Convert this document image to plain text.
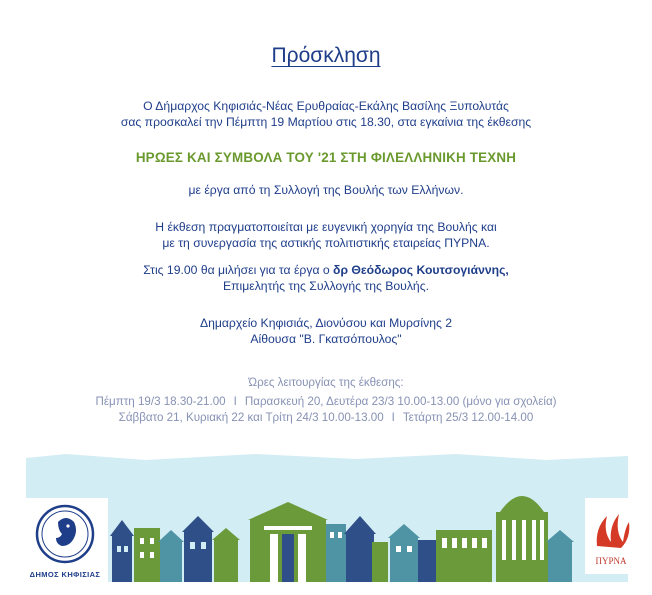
Πρόσκληση
Ο Δήμαρχος Κηφισιάς-Νέας Ερυθραίας-Εκάλης Βασίλης Ξυπολυτάς
σας προσκαλεί την Πέμπτη 19 Μαρτίου στις 18.30, στα εγκαίνια της έκθεσης
ΗΡΩΕΣ ΚΑΙ ΣΥΜΒΟΛΑ ΤΟΥ '21 ΣΤΗ ΦΙΛΕΛΛΗΝΙΚΗ ΤΕΧΝΗ
με έργα από τη Συλλογή της Βουλής των Ελλήνων.
Η έκθεση πραγματοποιείται με ευγενική χορηγία της Βουλής και
με τη συνεργασία της αστικής πολιτιστικής εταιρείας ΠΥΡΝΑ.
Στις 19.00 θα μιλήσει για τα έργα ο δρ Θεόδωρος Κουτσογιάννης,
Επιμελητής της Συλλογής της Βουλής.
Δημαρχείο Κηφισιάς, Διονύσου και Μυρσίνης 2
Αίθουσα "Β. Γκατσόπουλος"
Ώρες λειτουργίας της έκθεσης:
Πέμπτη 19/3 18.30-21.00 I Παρασκευή 20, Δευτέρα 23/3 10.00-13.00 (μόνο για σχολεία)
Σάββατο 21, Κυριακή 22 και Τρίτη 24/3 10.00-13.00 I Τετάρτη 25/3 12.00-14.00
ΔΗΜΟΣ ΚΗΦΙΣΙΑΣ
ΠΥΡΝΑ
